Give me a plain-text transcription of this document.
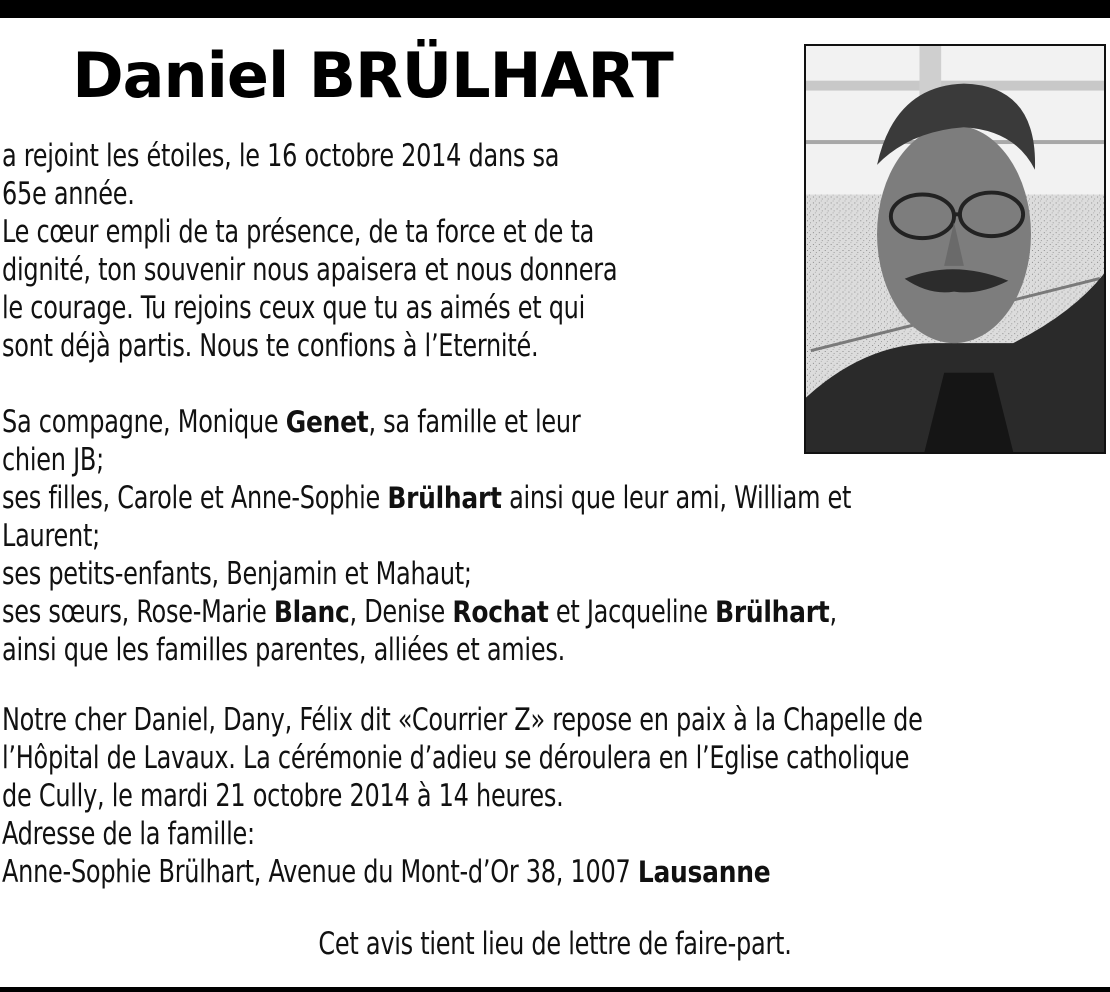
Daniel BRÜLHART
a rejoint les étoiles, le 16 octobre 2014 dans sa
65e année.
Le cœur empli de ta présence, de ta force et de ta
dignité, ton souvenir nous apaisera et nous donnera
le courage. Tu rejoins ceux que tu as aimés et qui
sont déjà partis. Nous te confions à l’Eternité.
Sa compagne, Monique Genet, sa famille et leur
chien JB;
ses filles, Carole et Anne-Sophie Brülhart ainsi que leur ami, William et
Laurent;
ses petits-enfants, Benjamin et Mahaut;
ses sœurs, Rose-Marie Blanc, Denise Rochat et Jacqueline Brülhart,
ainsi que les familles parentes, alliées et amies.
Notre cher Daniel, Dany, Félix dit «Courrier Z» repose en paix à la Chapelle de
l’Hôpital de Lavaux. La cérémonie d’adieu se déroulera en l’Eglise catholique
de Cully, le mardi 21 octobre 2014 à 14 heures.
Adresse de la famille:
Anne-Sophie Brülhart, Avenue du Mont-d’Or 38, 1007 Lausanne
Cet avis tient lieu de lettre de faire-part.
